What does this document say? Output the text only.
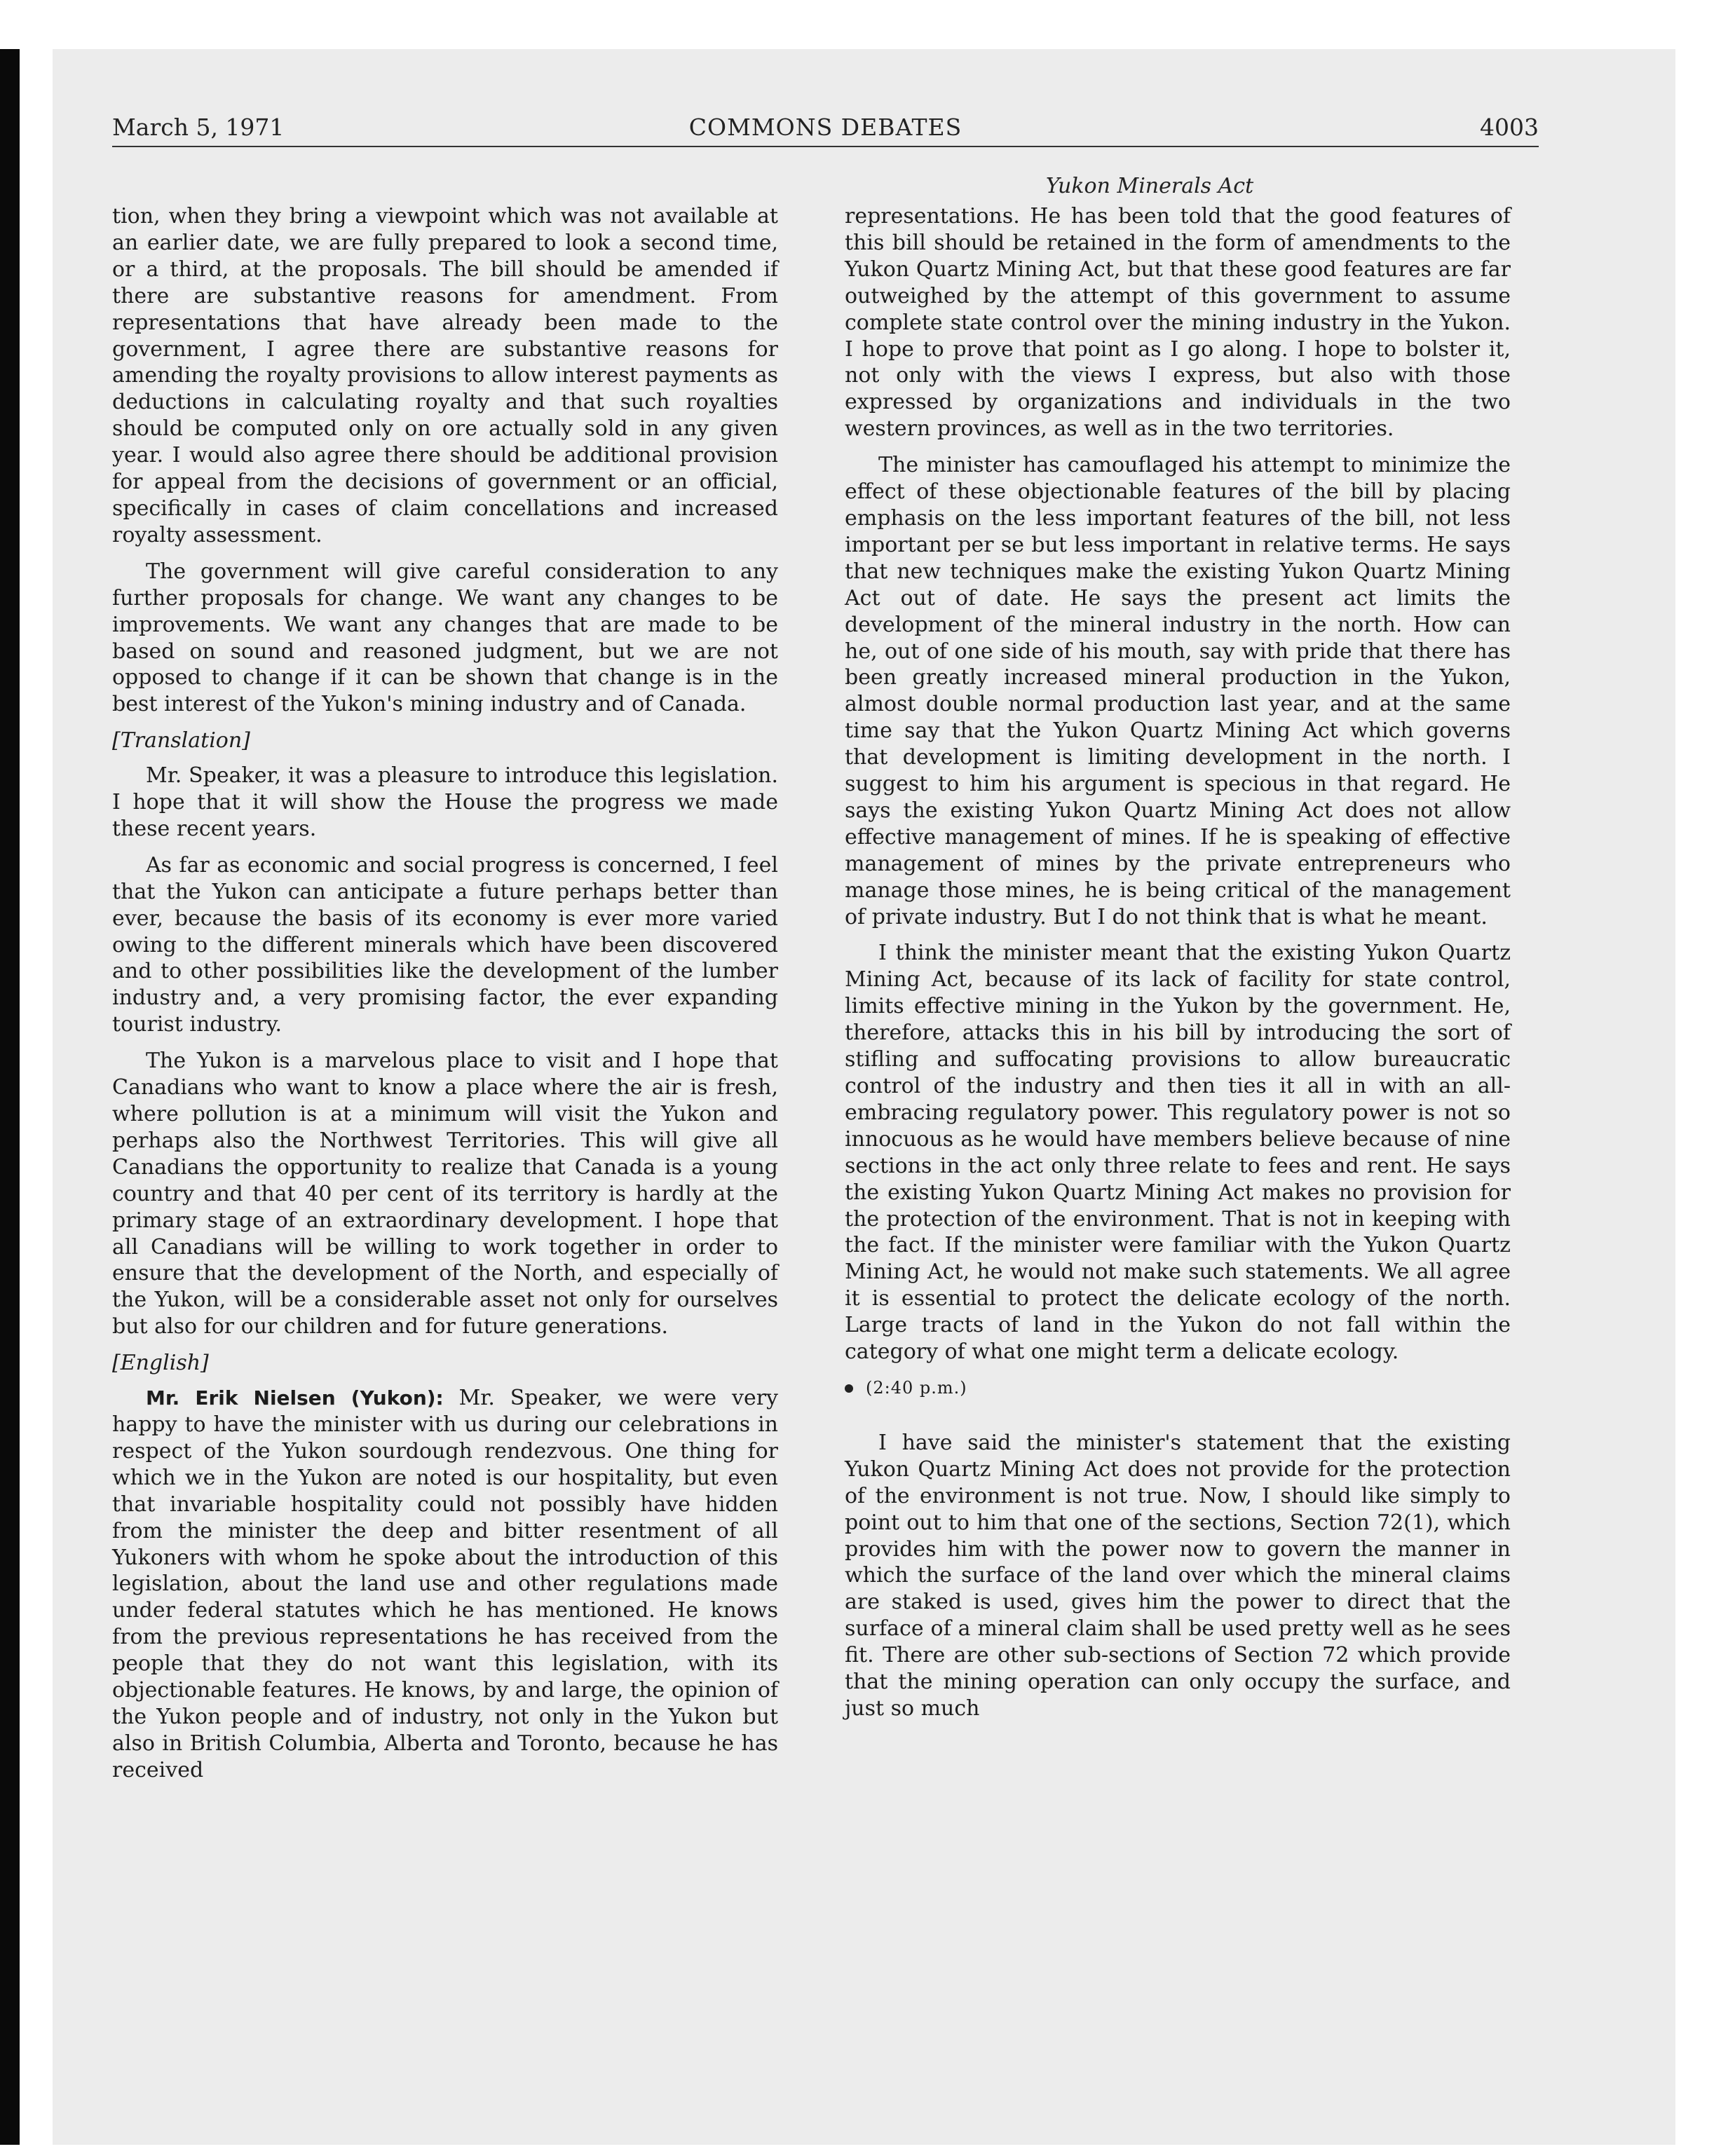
March 5, 1971	COMMONS DEBATES	4003
Yukon Minerals Act

tion, when they bring a viewpoint which was not available at an earlier date, we are fully prepared to look a second time, or a third, at the proposals. The bill should be amended if there are substantive reasons for amendment. From representations that have already been made to the government, I agree there are substantive reasons for amending the royalty provisions to allow interest payments as deductions in calculating royalty and that such royalties should be computed only on ore actually sold in any given year. I would also agree there should be additional provision for appeal from the decisions of government or an official, specifically in cases of claim concellations and increased royalty assessment.

The government will give careful consideration to any further proposals for change. We want any changes to be improvements. We want any changes that are made to be based on sound and reasoned judgment, but we are not opposed to change if it can be shown that change is in the best interest of the Yukon's mining industry and of Canada.

[Translation]

Mr. Speaker, it was a pleasure to introduce this legislation. I hope that it will show the House the progress we made these recent years.

As far as economic and social progress is concerned, I feel that the Yukon can anticipate a future perhaps better than ever, because the basis of its economy is ever more varied owing to the different minerals which have been discovered and to other possibilities like the development of the lumber industry and, a very promising factor, the ever expanding tourist industry.

The Yukon is a marvelous place to visit and I hope that Canadians who want to know a place where the air is fresh, where pollution is at a minimum will visit the Yukon and perhaps also the Northwest Territories. This will give all Canadians the opportunity to realize that Canada is a young country and that 40 per cent of its territory is hardly at the primary stage of an extraordinary development. I hope that all Canadians will be willing to work together in order to ensure that the development of the North, and especially of the Yukon, will be a considerable asset not only for ourselves but also for our children and for future generations.

[English]

Mr. Erik Nielsen (Yukon): Mr. Speaker, we were very happy to have the minister with us during our celebrations in respect of the Yukon sourdough rendezvous. One thing for which we in the Yukon are noted is our hospitality, but even that invariable hospitality could not possibly have hidden from the minister the deep and bitter resentment of all Yukoners with whom he spoke about the introduction of this legislation, about the land use and other regulations made under federal statutes which he has mentioned. He knows from the previous representations he has received from the people that they do not want this legislation, with its objectionable features. He knows, by and large, the opinion of the Yukon people and of industry, not only in the Yukon but also in British Columbia, Alberta and Toronto, because he has received

representations. He has been told that the good features of this bill should be retained in the form of amendments to the Yukon Quartz Mining Act, but that these good features are far outweighed by the attempt of this government to assume complete state control over the mining industry in the Yukon. I hope to prove that point as I go along. I hope to bolster it, not only with the views I express, but also with those expressed by organizations and individuals in the two western provinces, as well as in the two territories.

The minister has camouflaged his attempt to minimize the effect of these objectionable features of the bill by placing emphasis on the less important features of the bill, not less important per se but less important in relative terms. He says that new techniques make the existing Yukon Quartz Mining Act out of date. He says the present act limits the development of the mineral industry in the north. How can he, out of one side of his mouth, say with pride that there has been greatly increased mineral production in the Yukon, almost double normal production last year, and at the same time say that the Yukon Quartz Mining Act which governs that development is limiting development in the north. I suggest to him his argument is specious in that regard. He says the existing Yukon Quartz Mining Act does not allow effective management of mines. If he is speaking of effective management of mines by the private entrepreneurs who manage those mines, he is being critical of the management of private industry. But I do not think that is what he meant.

I think the minister meant that the existing Yukon Quartz Mining Act, because of its lack of facility for state control, limits effective mining in the Yukon by the government. He, therefore, attacks this in his bill by introducing the sort of stifling and suffocating provisions to allow bureaucratic control of the industry and then ties it all in with an all-embracing regulatory power. This regulatory power is not so innocuous as he would have members believe because of nine sections in the act only three relate to fees and rent. He says the existing Yukon Quartz Mining Act makes no provision for the protection of the environment. That is not in keeping with the fact. If the minister were familiar with the Yukon Quartz Mining Act, he would not make such statements. We all agree it is essential to protect the delicate ecology of the north. Large tracts of land in the Yukon do not fall within the category of what one might term a delicate ecology.

(2:40 p.m.)

I have said the minister's statement that the existing Yukon Quartz Mining Act does not provide for the protection of the environment is not true. Now, I should like simply to point out to him that one of the sections, Section 72(1), which provides him with the power now to govern the manner in which the surface of the land over which the mineral claims are staked is used, gives him the power to direct that the surface of a mineral claim shall be used pretty well as he sees fit. There are other sub-sections of Section 72 which provide that the mining operation can only occupy the surface, and just so much
